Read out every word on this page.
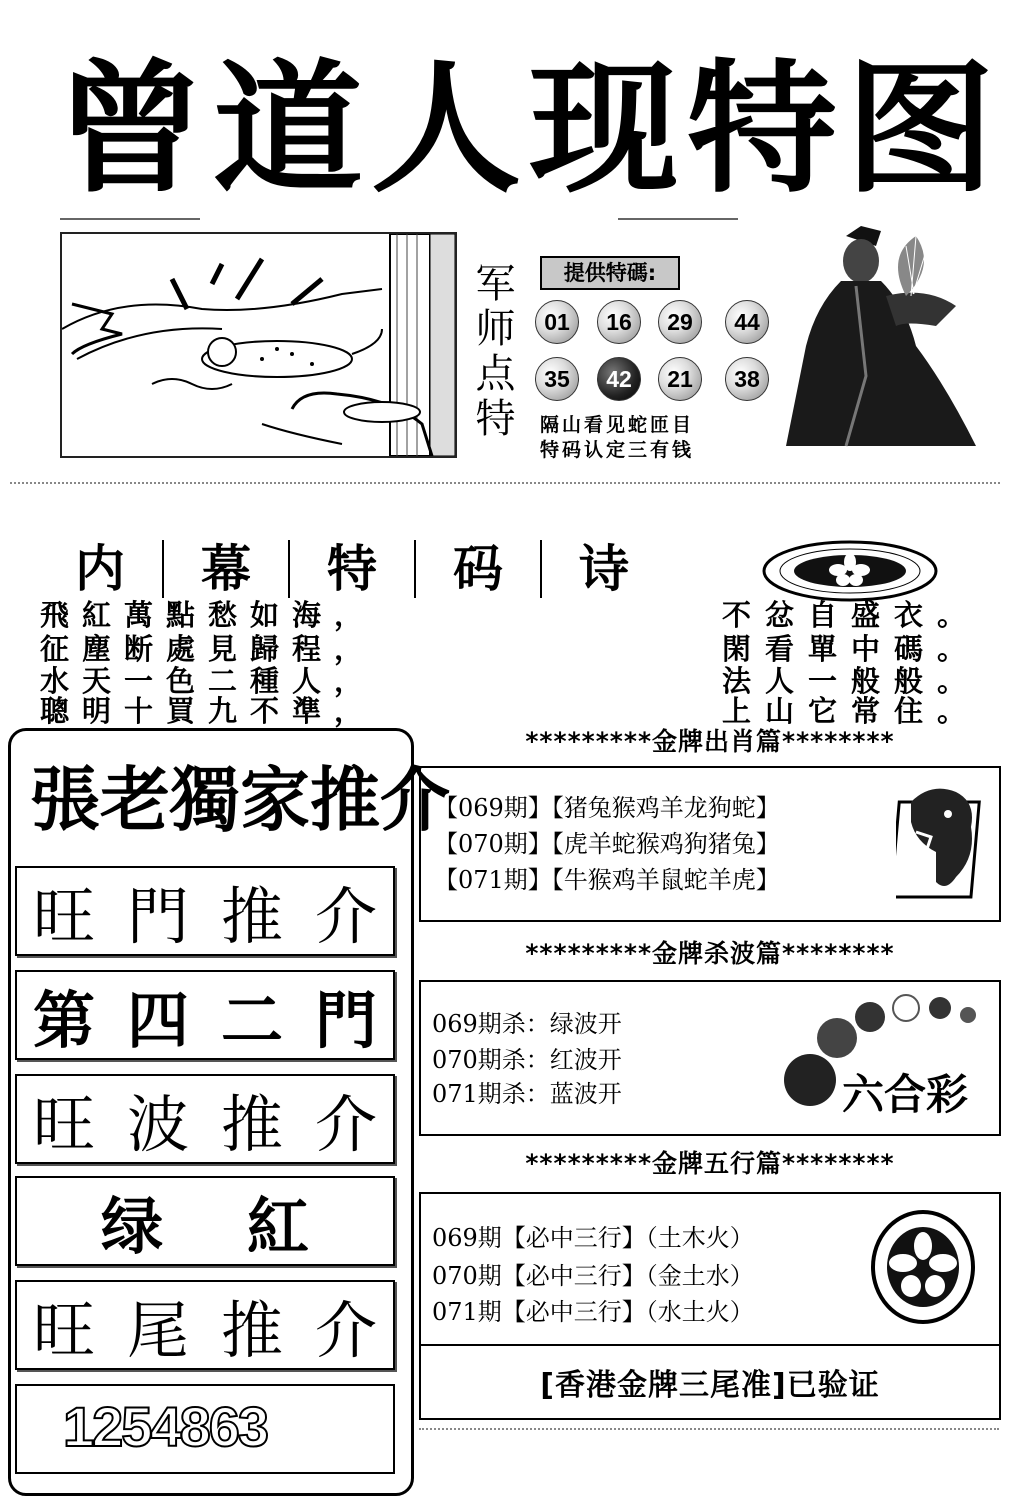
曾 道 人 现 特 图
军
师
点
特
提供特碼:
01	16	29	44
35	42	21	38
隔山看见蛇匝目
特码认定三有钱
内	幕	特	码	诗
飛紅萬點愁如海，	不忿自盛衣。
征塵断處見歸程，	閑看單中碼。
水天一色二種人，	法人一般般。
聰明十買九不準，	上山它常住。
張 老 獨 家 推 介
旺 門 推 介
第 四 二 門
旺 波 推 介
绿 紅
旺 尾 推 介
1254863
*********金牌出肖篇********
【069期】【猪兔猴鸡羊龙狗蛇】
【070期】【虎羊蛇猴鸡狗猪兔】
【071期】【牛猴鸡羊鼠蛇羊虎】
*********金牌杀波篇********
069期杀：绿波开
070期杀：红波开
071期杀：蓝波开	六合彩
*********金牌五行篇********
069期【必中三行】（土木火）
070期【必中三行】（金土水）
071期【必中三行】（水土火）
[香港金牌三尾准]已验证
